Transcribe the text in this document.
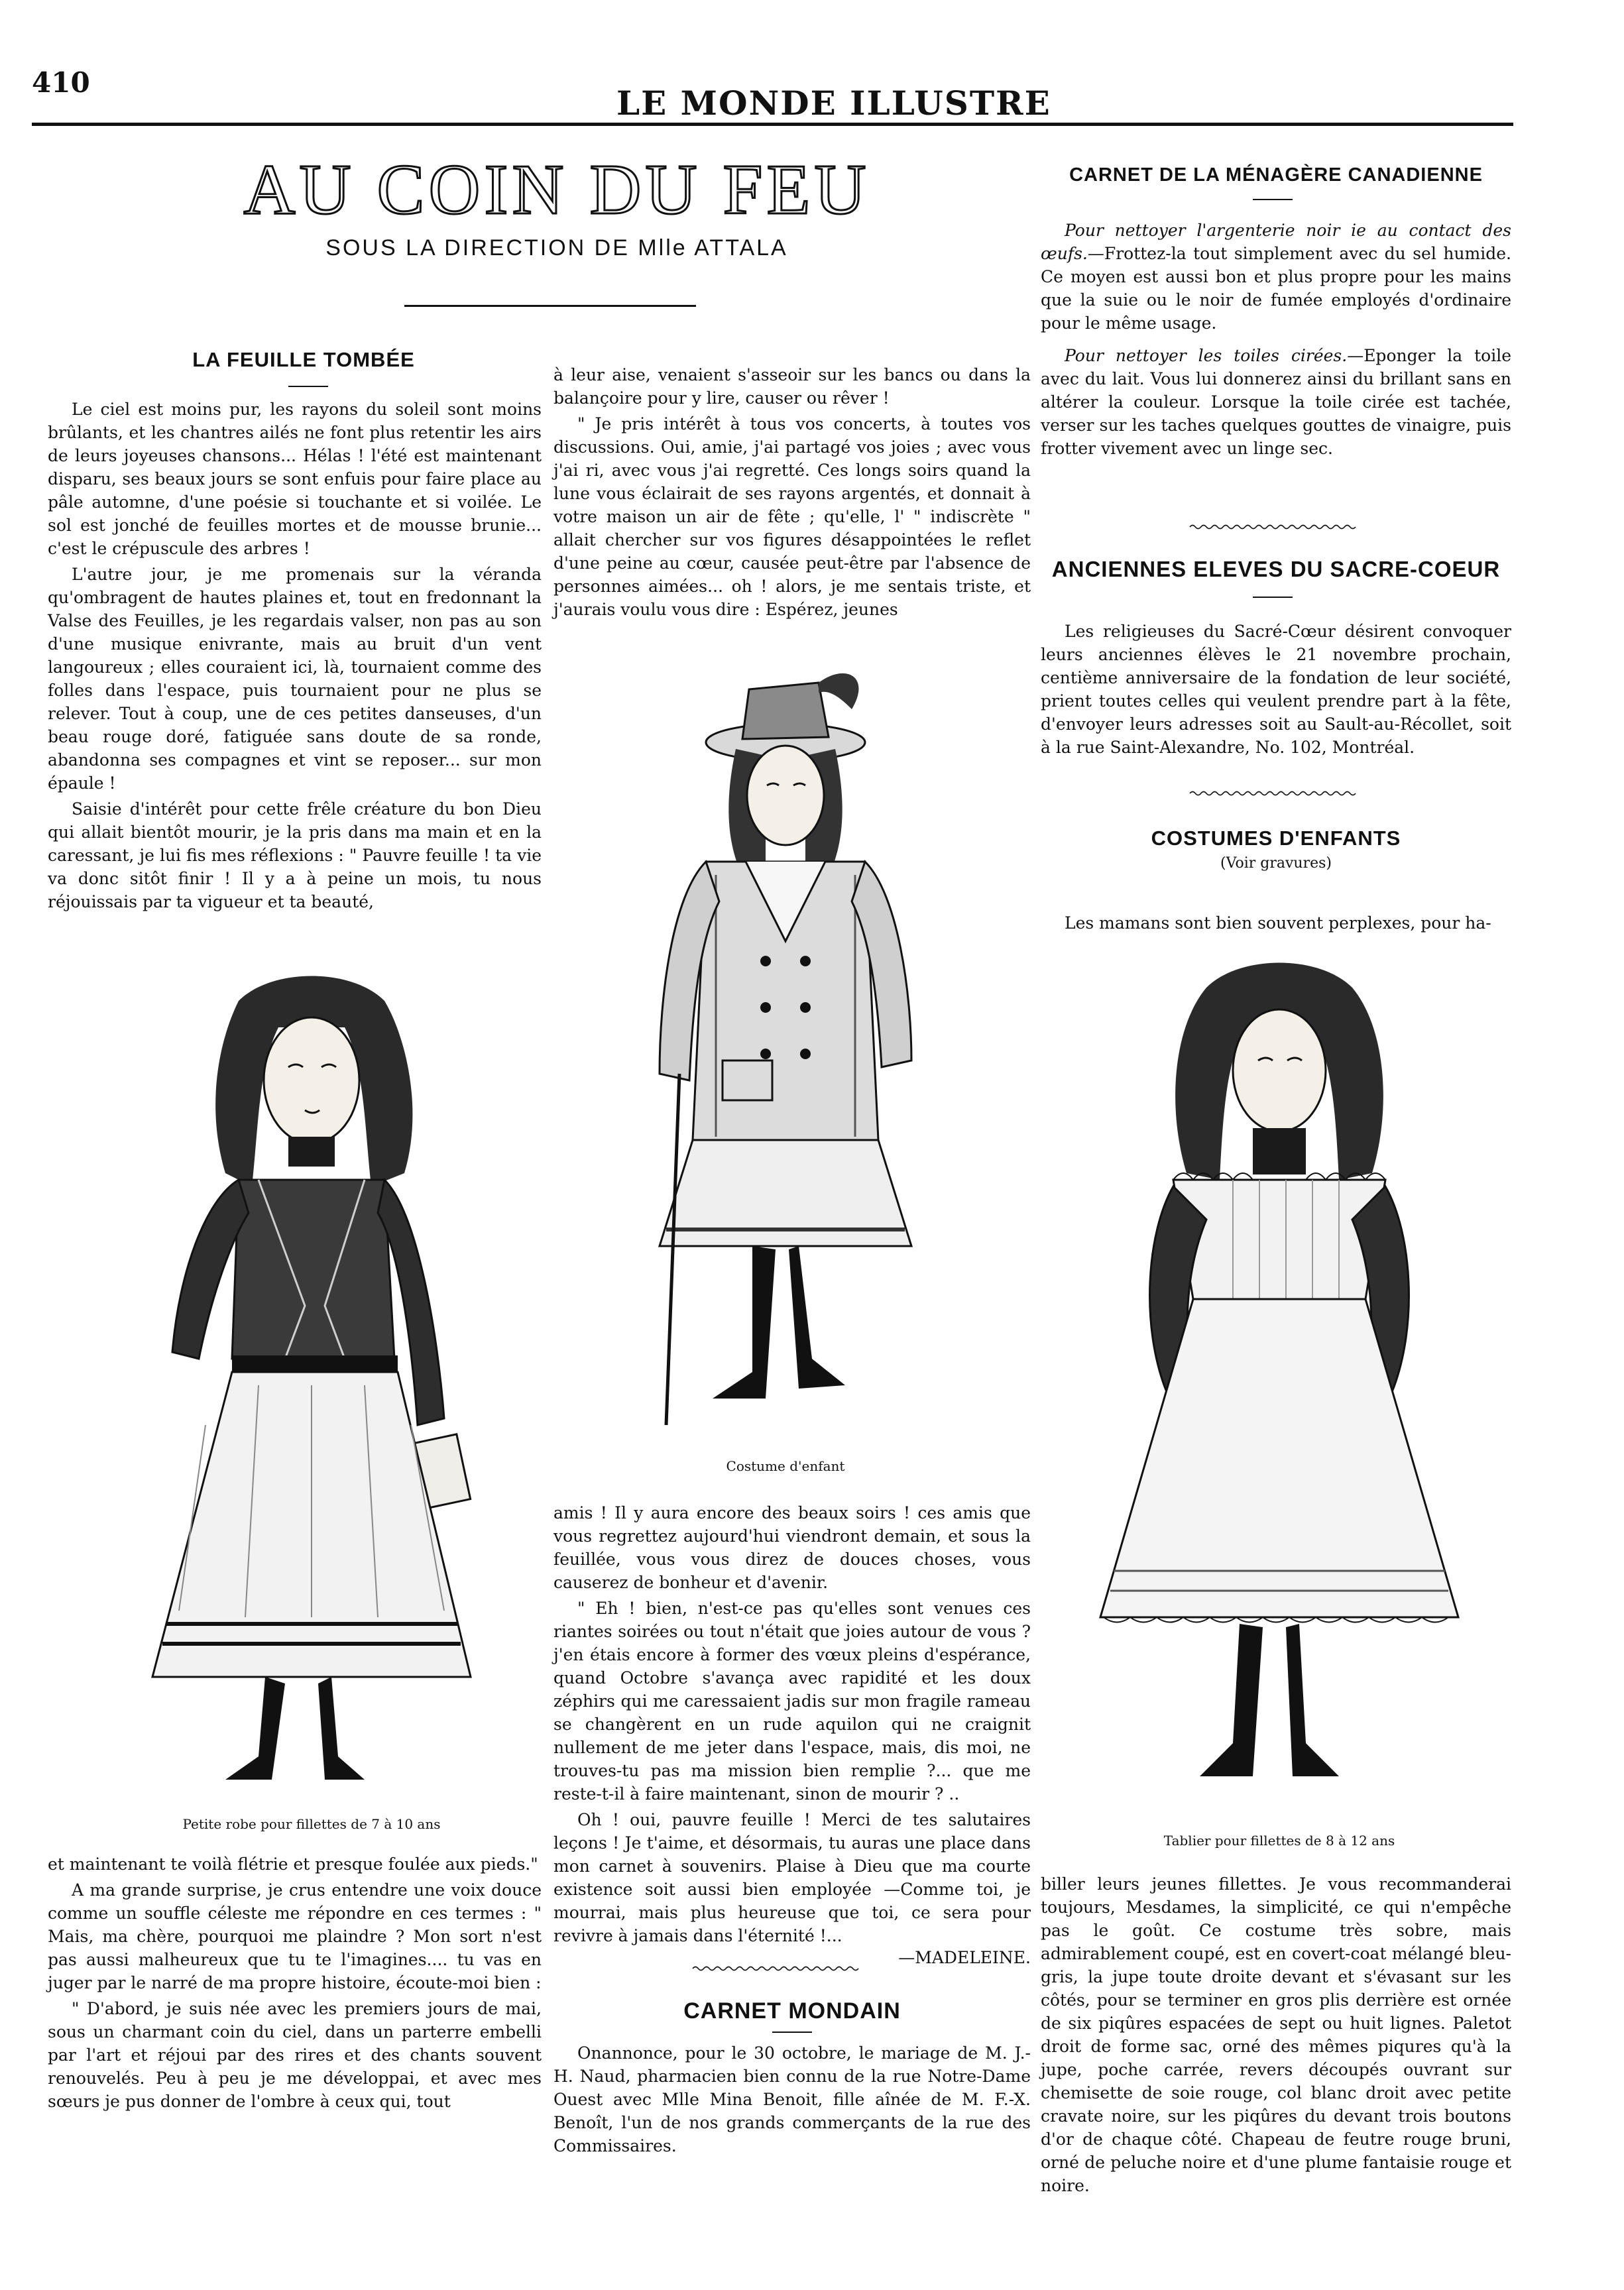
410
LE MONDE ILLUSTRE
AU COIN DU FEU
SOUS LA DIRECTION DE Mlle ATTALA
LA FEUILLE TOMBÉE

Le ciel est moins pur, les rayons du soleil sont moins brûlants, et les chantres ailés ne font plus retentir les airs de leurs joyeuses chansons... Hélas ! l'été est maintenant disparu, ses beaux jours se sont enfuis pour faire place au pâle automne, d'une poésie si touchante et si voilée. Le sol est jonché de feuilles mortes et de mousse brunie... c'est le crépuscule des arbres !

L'autre jour, je me promenais sur la véranda qu'ombragent de hautes plaines et, tout en fredonnant la Valse des Feuilles, je les regardais valser, non pas au son d'une musique enivrante, mais au bruit d'un vent langoureux ; elles couraient ici, là, tournaient comme des folles dans l'espace, puis tournaient pour ne plus se relever. Tout à coup, une de ces petites danseuses, d'un beau rouge doré, fatiguée sans doute de sa ronde, abandonna ses compagnes et vint se reposer... sur mon épaule !

Saisie d'intérêt pour cette frêle créature du bon Dieu qui allait bientôt mourir, je la pris dans ma main et en la caressant, je lui fis mes réflexions : " Pauvre feuille ! ta vie va donc sitôt finir ! Il y a à peine un mois, tu nous réjouissais par ta vigueur et ta beauté,

Petite robe pour fillettes de 7 à 10 ans

et maintenant te voilà flétrie et presque foulée aux pieds."

A ma grande surprise, je crus entendre une voix douce comme un souffle céleste me répondre en ces termes : " Mais, ma chère, pourquoi me plaindre ? Mon sort n'est pas aussi malheureux que tu te l'imagines.... tu vas en juger par le narré de ma propre histoire, écoute-moi bien :

" D'abord, je suis née avec les premiers jours de mai, sous un charmant coin du ciel, dans un parterre embelli par l'art et réjoui par des rires et des chants souvent renouvelés. Peu à peu je me développai, et avec mes sœurs je pus donner de l'ombre à ceux qui, tout

à leur aise, venaient s'asseoir sur les bancs ou dans la balançoire pour y lire, causer ou rêver !

" Je pris intérêt à tous vos concerts, à toutes vos discussions. Oui, amie, j'ai partagé vos joies ; avec vous j'ai ri, avec vous j'ai regretté. Ces longs soirs quand la lune vous éclairait de ses rayons argentés, et donnait à votre maison un air de fête ; qu'elle, l' " indiscrète " allait chercher sur vos figures désappointées le reflet d'une peine au cœur, causée peut-être par l'absence de personnes aimées... oh ! alors, je me sentais triste, et j'aurais voulu vous dire : Espérez, jeunes

Costume d'enfant

amis ! Il y aura encore des beaux soirs ! ces amis que vous regrettez aujourd'hui viendront demain, et sous la feuillée, vous vous direz de douces choses, vous causerez de bonheur et d'avenir.

" Eh ! bien, n'est-ce pas qu'elles sont venues ces riantes soirées ou tout n'était que joies autour de vous ? j'en étais encore à former des vœux pleins d'espérance, quand Octobre s'avança avec rapidité et les doux zéphirs qui me caressaient jadis sur mon fragile rameau se changèrent en un rude aquilon qui ne craignit nullement de me jeter dans l'espace, mais, dis moi, ne trouves-tu pas ma mission bien remplie ?... que me reste-t-il à faire maintenant, sinon de mourir ? ..

Oh ! oui, pauvre feuille ! Merci de tes salutaires leçons ! Je t'aime, et désormais, tu auras une place dans mon carnet à souvenirs. Plaise à Dieu que ma courte existence soit aussi bien employée —Comme toi, je mourrai, mais plus heureuse que toi, ce sera pour revivre à jamais dans l'éternité !...

—MADELEINE.

CARNET MONDAIN

Onannonce, pour le 30 octobre, le mariage de M. J.-H. Naud, pharmacien bien connu de la rue Notre-Dame Ouest avec Mlle Mina Benoit, fille aînée de M. F.-X. Benoît, l'un de nos grands commerçants de la rue des Commissaires.

CARNET DE LA MÉNAGÈRE CANADIENNE

Pour nettoyer l'argenterie noir ie au contact des œufs.—Frottez-la tout simplement avec du sel humide. Ce moyen est aussi bon et plus propre pour les mains que la suie ou le noir de fumée employés d'ordinaire pour le même usage.

Pour nettoyer les toiles cirées.—Eponger la toile avec du lait. Vous lui donnerez ainsi du brillant sans en altérer la couleur. Lorsque la toile cirée est tachée, verser sur les taches quelques gouttes de vinaigre, puis frotter vivement avec un linge sec.

ANCIENNES ELEVES DU SACRE-COEUR

Les religieuses du Sacré-Cœur désirent convoquer leurs anciennes élèves le 21 novembre prochain, centième anniversaire de la fondation de leur société, prient toutes celles qui veulent prendre part à la fête, d'envoyer leurs adresses soit au Sault-au-Récollet, soit à la rue Saint-Alexandre, No. 102, Montréal.

COSTUMES D'ENFANTS
(Voir gravures)

Les mamans sont bien souvent perplexes, pour ha-

Tablier pour fillettes de 8 à 12 ans

biller leurs jeunes fillettes. Je vous recommanderai toujours, Mesdames, la simplicité, ce qui n'empêche pas le goût. Ce costume très sobre, mais admirablement coupé, est en covert-coat mélangé bleu-gris, la jupe toute droite devant et s'évasant sur les côtés, pour se terminer en gros plis derrière est ornée de six piqûres espacées de sept ou huit lignes. Paletot droit de forme sac, orné des mêmes piqures qu'à la jupe, poche carrée, revers découpés ouvrant sur chemisette de soie rouge, col blanc droit avec petite cravate noire, sur les piqûres du devant trois boutons d'or de chaque côté. Chapeau de feutre rouge bruni, orné de peluche noire et d'une plume fantaisie rouge et noire.
